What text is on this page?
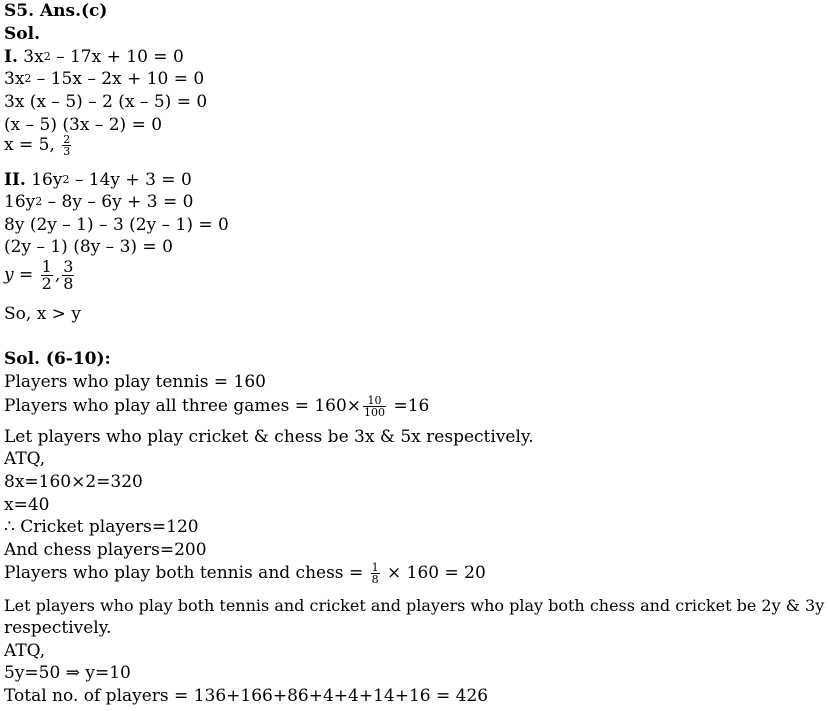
S5. Ans.(c)
Sol.
I. $3x^2 - 17x + 10 = 0$
$3x^2 - 15x - 2x + 10 = 0$
3x (x – 5) – 2 (x – 5) = 0
(x – 5) (3x – 2) = 0
x = 5, $\frac{2}{3}$
II. $16y^2 - 14y + 3 = 0$
$16y^2 - 8y - 6y + 3 = 0$
8y (2y – 1) – 3 (2y – 1) = 0
(2y – 1) (8y – 3) = 0
$y = \frac{1}{2}$ , $\frac{3}{8}$
So, x > y
Sol. (6-10):
Players who play tennis = 160
Players who play all three games = $160\times \frac{10}{100} =16$
Let players who play cricket & chess be 3x & 5x respectively.
ATQ,
8x=160×2=320
x=40
∴ Cricket players=120
And chess players=200
Players who play both tennis and chess = $\frac{1}{8} \times 160 = 20$
Let players who play both tennis and cricket and players who play both chess and cricket be 2y & 3y
respectively.
ATQ,
5y=50 ⇒ y=10
Total no. of players = 136+166+86+4+4+14+16 = 426
